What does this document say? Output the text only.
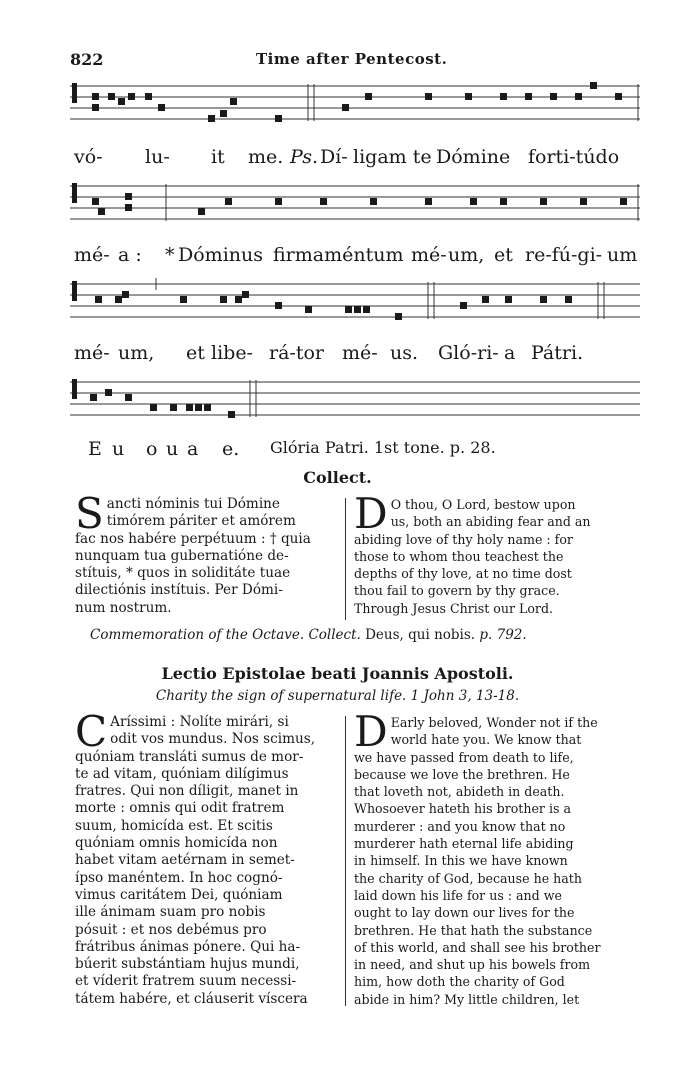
822	Time after Pentecost.
vó- lu- it me. Ps. Dí- ligam te Dómine forti-túdo
mé- a : * Dóminus firmaméntum mé- um, et re-fú-gi- um
mé- um, et libe- rá-tor mé- us. Gló-ri- a Pátri.
E u o u a e. Glória Patri. 1st tone. p. 28.
Collect.
S ancti nóminis tui Dómine
timórem páriter et amórem
fac nos habére perpétuum : † quia
nunquam tua gubernatióne de-
stítuis, * quos in soliditáte tuae
dilectiónis instítuis. Per Dómi-
num nostrum.
D O thou, O Lord, bestow upon
us, both an abiding fear and an
abiding love of thy holy name : for
those to whom thou teachest the
depths of thy love, at no time dost
thou fail to govern by thy grace.
Through Jesus Christ our Lord.
Commemoration of the Octave. Collect. Deus, qui nobis. p. 792.
Lectio Epistolae beati Joannis Apostoli.
Charity the sign of supernatural life. 1 John 3, 13-18.
C Aríssimi : Nolíte mirári, si
odit vos mundus. Nos scimus,
quóniam transláti sumus de mor-
te ad vitam, quóniam dilígimus
fratres. Qui non díligit, manet in
morte : omnis qui odit fratrem
suum, homicída est. Et scitis
quóniam omnis homicída non
habet vitam aetérnam in semet-
ípso manéntem. In hoc cognó-
vimus caritátem Dei, quóniam
ille ánimam suam pro nobis
pósuit : et nos debémus pro
frátribus ánimas pónere. Qui ha-
búerit substántiam hujus mundi,
et víderit fratrem suum necessi-
tátem habére, et cláuserit víscera
D Early beloved, Wonder not if the
world hate you. We know that
we have passed from death to life,
because we love the brethren. He
that loveth not, abideth in death.
Whosoever hateth his brother is a
murderer : and you know that no
murderer hath eternal life abiding
in himself. In this we have known
the charity of God, because he hath
laid down his life for us : and we
ought to lay down our lives for the
brethren. He that hath the substance
of this world, and shall see his brother
in need, and shut up his bowels from
him, how doth the charity of God
abide in him? My little children, let
